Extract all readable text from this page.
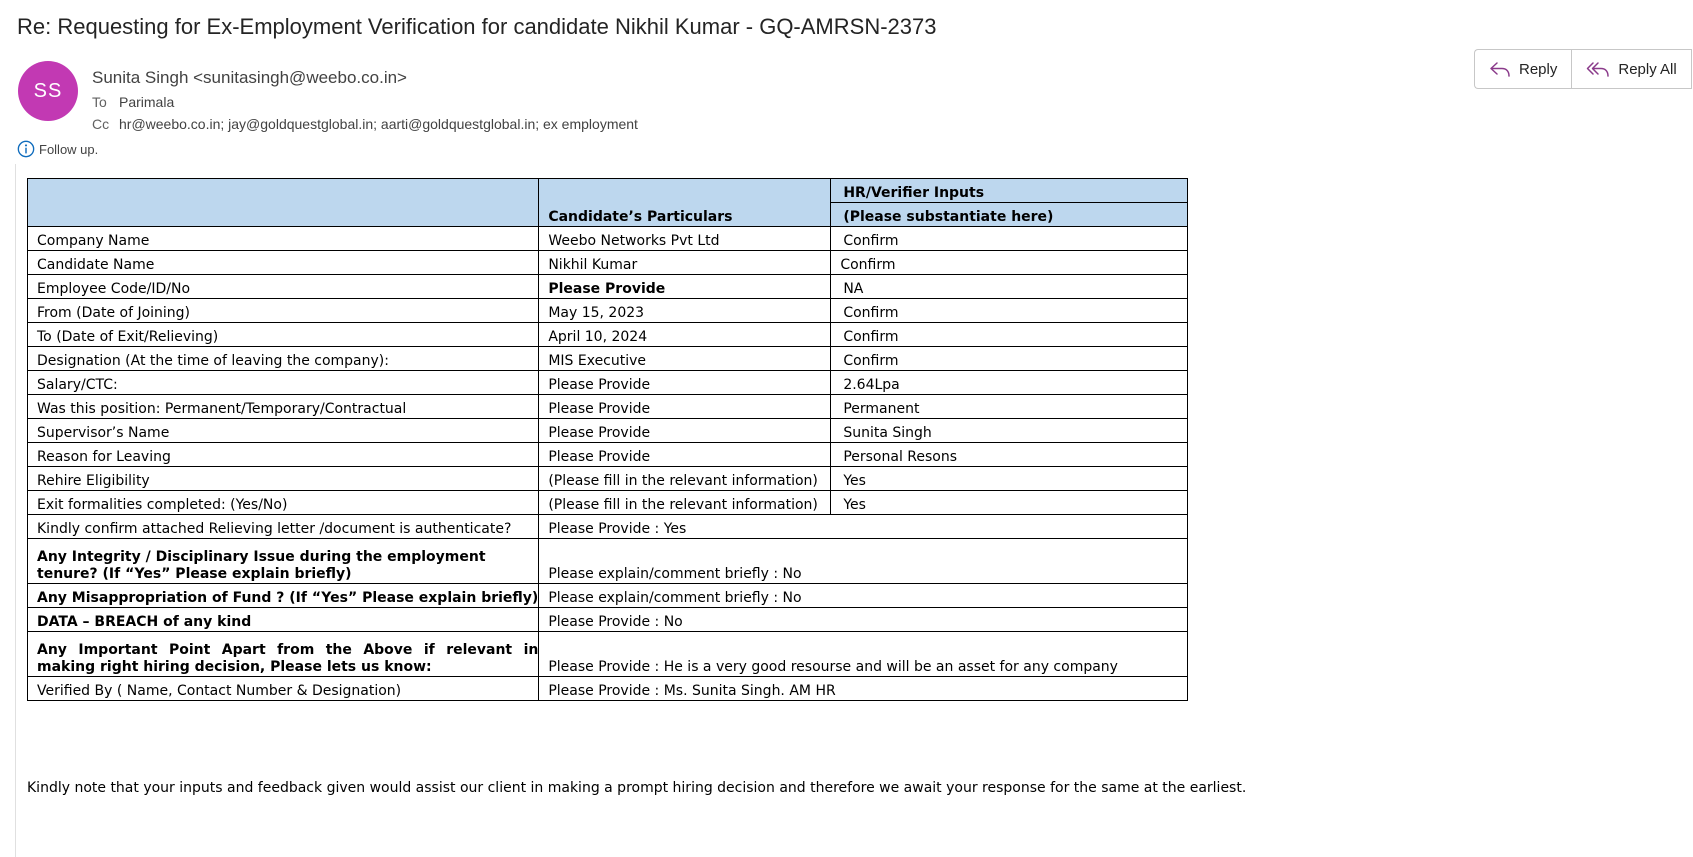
Re: Requesting for Ex-Employment Verification for candidate Nikhil Kumar - GQ-AMRSN-2373
SS
Sunita Singh <sunitasingh@weebo.co.in>
To Parimala
Cc hr@weebo.co.in; jay@goldquestglobal.in; aarti@goldquestglobal.in; ex employment
Follow up.
Reply	Reply All
	Candidate’s Particulars	HR/Verifier Inputs
		(Please substantiate here)
Company Name	Weebo Networks Pvt Ltd	Confirm
Candidate Name	Nikhil Kumar	Confirm
Employee Code/ID/No	Please Provide	NA
From (Date of Joining)	May 15, 2023	Confirm
To (Date of Exit/Relieving)	April 10, 2024	Confirm
Designation (At the time of leaving the company):	MIS Executive	Confirm
Salary/CTC:	Please Provide	2.64Lpa
Was this position: Permanent/Temporary/Contractual	Please Provide	Permanent
Supervisor’s Name	Please Provide	Sunita Singh
Reason for Leaving	Please Provide	Personal Resons
Rehire Eligibility	(Please fill in the relevant information)	Yes
Exit formalities completed: (Yes/No)	(Please fill in the relevant information)	Yes
Kindly confirm attached Relieving letter /document is authenticate?	Please Provide : Yes	
Any Integrity / Disciplinary Issue during the employment tenure? (If “Yes” Please explain briefly)	Please explain/comment briefly : No	
Any Misappropriation of Fund ? (If “Yes” Please explain briefly)	Please explain/comment briefly : No	
DATA – BREACH of any kind	Please Provide : No	
Any Important Point Apart from the Above if relevant in making right hiring decision, Please lets us know:	Please Provide : He is a very good resourse and will be an asset for any company	
Verified By ( Name, Contact Number & Designation)	Please Provide : Ms. Sunita Singh. AM HR	
Kindly note that your inputs and feedback given would assist our client in making a prompt hiring decision and therefore we await your response for the same at the earliest.
